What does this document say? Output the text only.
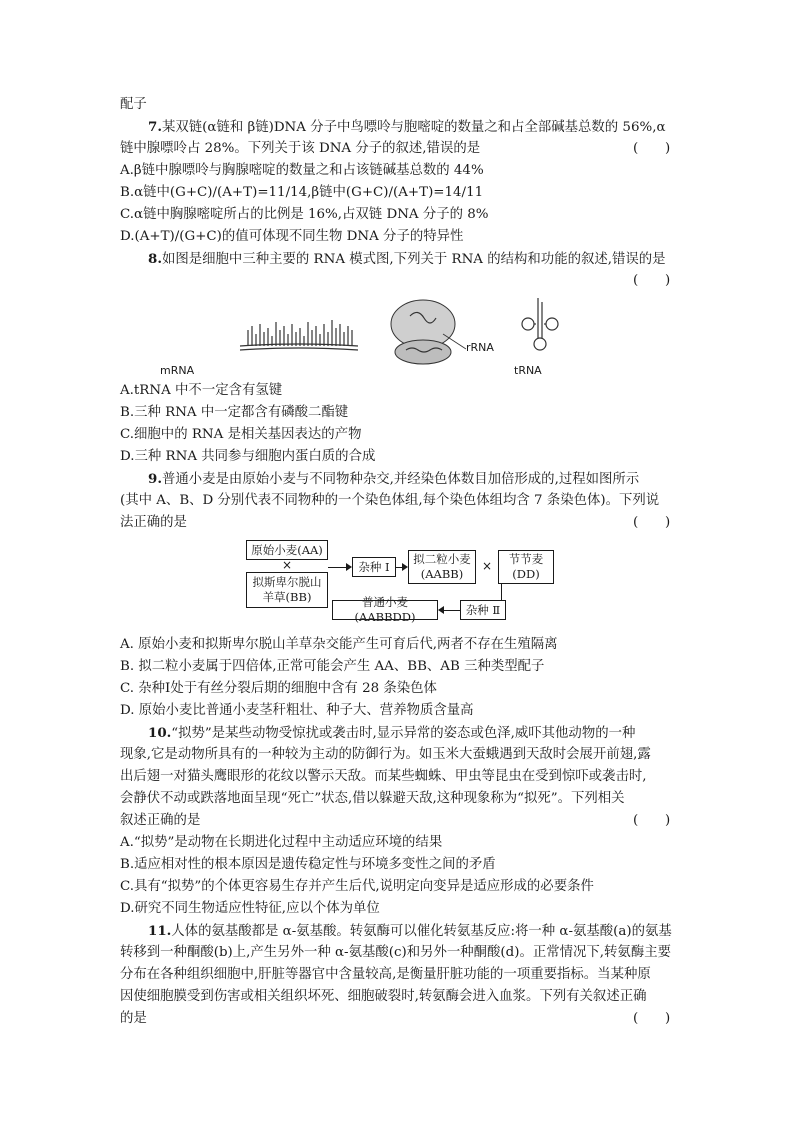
配子
7.某双链(α链和 β链)DNA 分子中鸟嘌呤与胞嘧啶的数量之和占全部碱基总数的 56%,α
链中腺嘌呤占 28%。下列关于该 DNA 分子的叙述,错误的是	(　　)
A.β链中腺嘌呤与胸腺嘧啶的数量之和占该链碱基总数的 44%
B.α链中(G+C)/(A+T)=11/14,β链中(G+C)/(A+T)=14/11
C.α链中胸腺嘧啶所占的比例是 16%,占双链 DNA 分子的 8%
D.(A+T)/(G+C)的值可体现不同生物 DNA 分子的特异性
8.如图是细胞中三种主要的 RNA 模式图,下列关于 RNA 的结构和功能的叙述,错误的是
(　　)
mRNA
rRNA
tRNA
A.tRNA 中不一定含有氢键
B.三种 RNA 中一定都含有磷酸二酯键
C.细胞中的 RNA 是相关基因表达的产物
D.三种 RNA 共同参与细胞内蛋白质的合成
9.普通小麦是由原始小麦与不同物种杂交,并经染色体数目加倍形成的,过程如图所示
(其中 A、B、D 分别代表不同物种的一个染色体组,每个染色体组均含 7 条染色体)。下列说
法正确的是	(　　)
原始小麦(AA)
×
拟斯卑尔脱山
羊草(BB)
杂种 Ⅰ
拟二粒小麦
(AABB)
× 节节麦
(DD)
杂种 Ⅱ
普通小麦(AABBDD)
A. 原始小麦和拟斯卑尔脱山羊草杂交能产生可育后代,两者不存在生殖隔离
B. 拟二粒小麦属于四倍体,正常可能会产生 AA、BB、AB 三种类型配子
C. 杂种Ⅰ处于有丝分裂后期的细胞中含有 28 条染色体
D. 原始小麦比普通小麦茎秆粗壮、种子大、营养物质含量高
10.“拟势”是某些动物受惊扰或袭击时,显示异常的姿态或色泽,威吓其他动物的一种
现象,它是动物所具有的一种较为主动的防御行为。如玉米大蚕蛾遇到天敌时会展开前翅,露
出后翅一对猫头鹰眼形的花纹以警示天敌。而某些蜘蛛、甲虫等昆虫在受到惊吓或袭击时,
会静伏不动或跌落地面呈现“死亡”状态,借以躲避天敌,这种现象称为“拟死”。下列相关
叙述正确的是	(　　)
A.“拟势”是动物在长期进化过程中主动适应环境的结果
B.适应相对性的根本原因是遗传稳定性与环境多变性之间的矛盾
C.具有“拟势”的个体更容易生存并产生后代,说明定向变异是适应形成的必要条件
D.研究不同生物适应性特征,应以个体为单位
11.人体的氨基酸都是 α-氨基酸。转氨酶可以催化转氨基反应:将一种 α-氨基酸(a)的氨基
转移到一种酮酸(b)上,产生另外一种 α-氨基酸(c)和另外一种酮酸(d)。正常情况下,转氨酶主要
分布在各种组织细胞中,肝脏等器官中含量较高,是衡量肝脏功能的一项重要指标。当某种原
因使细胞膜受到伤害或相关组织坏死、细胞破裂时,转氨酶会进入血浆。下列有关叙述正确
的是	(　　)
